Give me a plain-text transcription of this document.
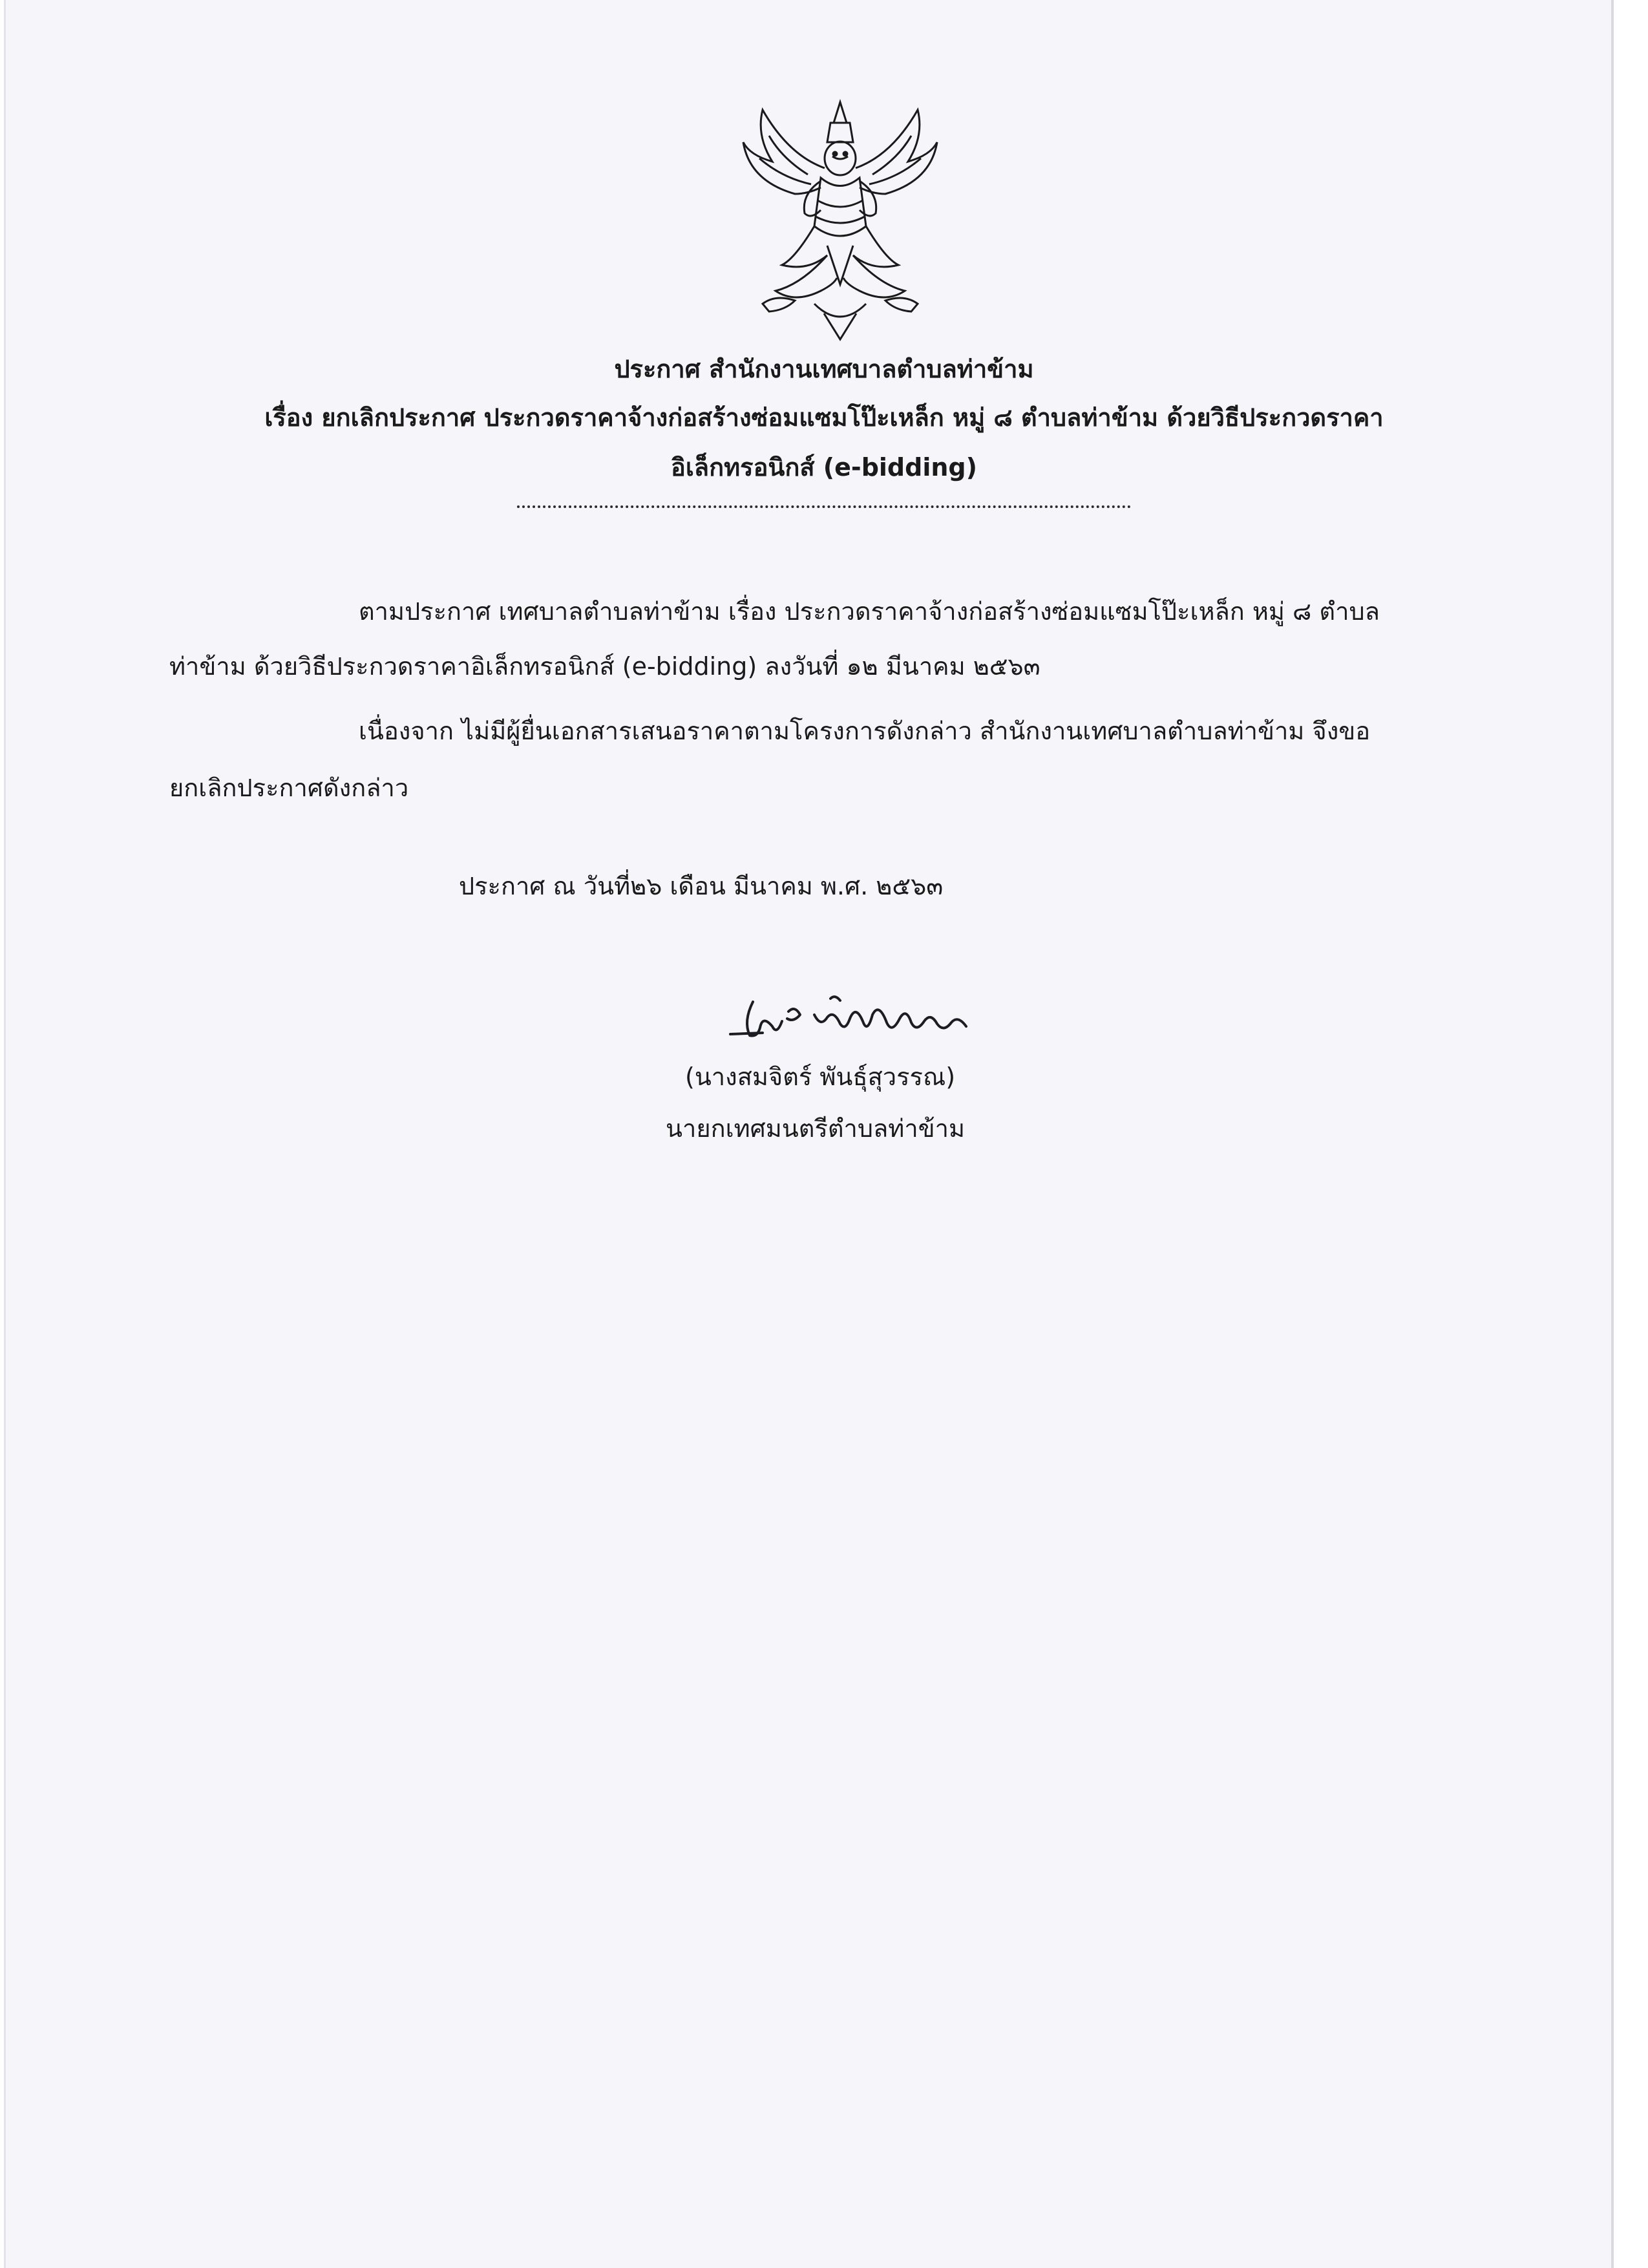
ประกาศ สำนักงานเทศบาลตำบลท่าข้าม
เรื่อง ยกเลิกประกาศ ประกวดราคาจ้างก่อสร้างซ่อมแซมโป๊ะเหล็ก หมู่ ๘ ตำบลท่าข้าม ด้วยวิธีประกวดราคา
อิเล็กทรอนิกส์ (e-bidding)
ตามประกาศ เทศบาลตำบลท่าข้าม เรื่อง ประกวดราคาจ้างก่อสร้างซ่อมแซมโป๊ะเหล็ก หมู่ ๘ ตำบล
ท่าข้าม ด้วยวิธีประกวดราคาอิเล็กทรอนิกส์ (e-bidding) ลงวันที่ ๑๒ มีนาคม ๒๕๖๓
เนื่องจาก ไม่มีผู้ยื่นเอกสารเสนอราคาตามโครงการดังกล่าว สำนักงานเทศบาลตำบลท่าข้าม จึงขอ
ยกเลิกประกาศดังกล่าว
ประกาศ ณ วันที่๒๖ เดือน มีนาคม พ.ศ. ๒๕๖๓
(นางสมจิตร์ พันธุ์สุวรรณ)
นายกเทศมนตรีตำบลท่าข้าม
